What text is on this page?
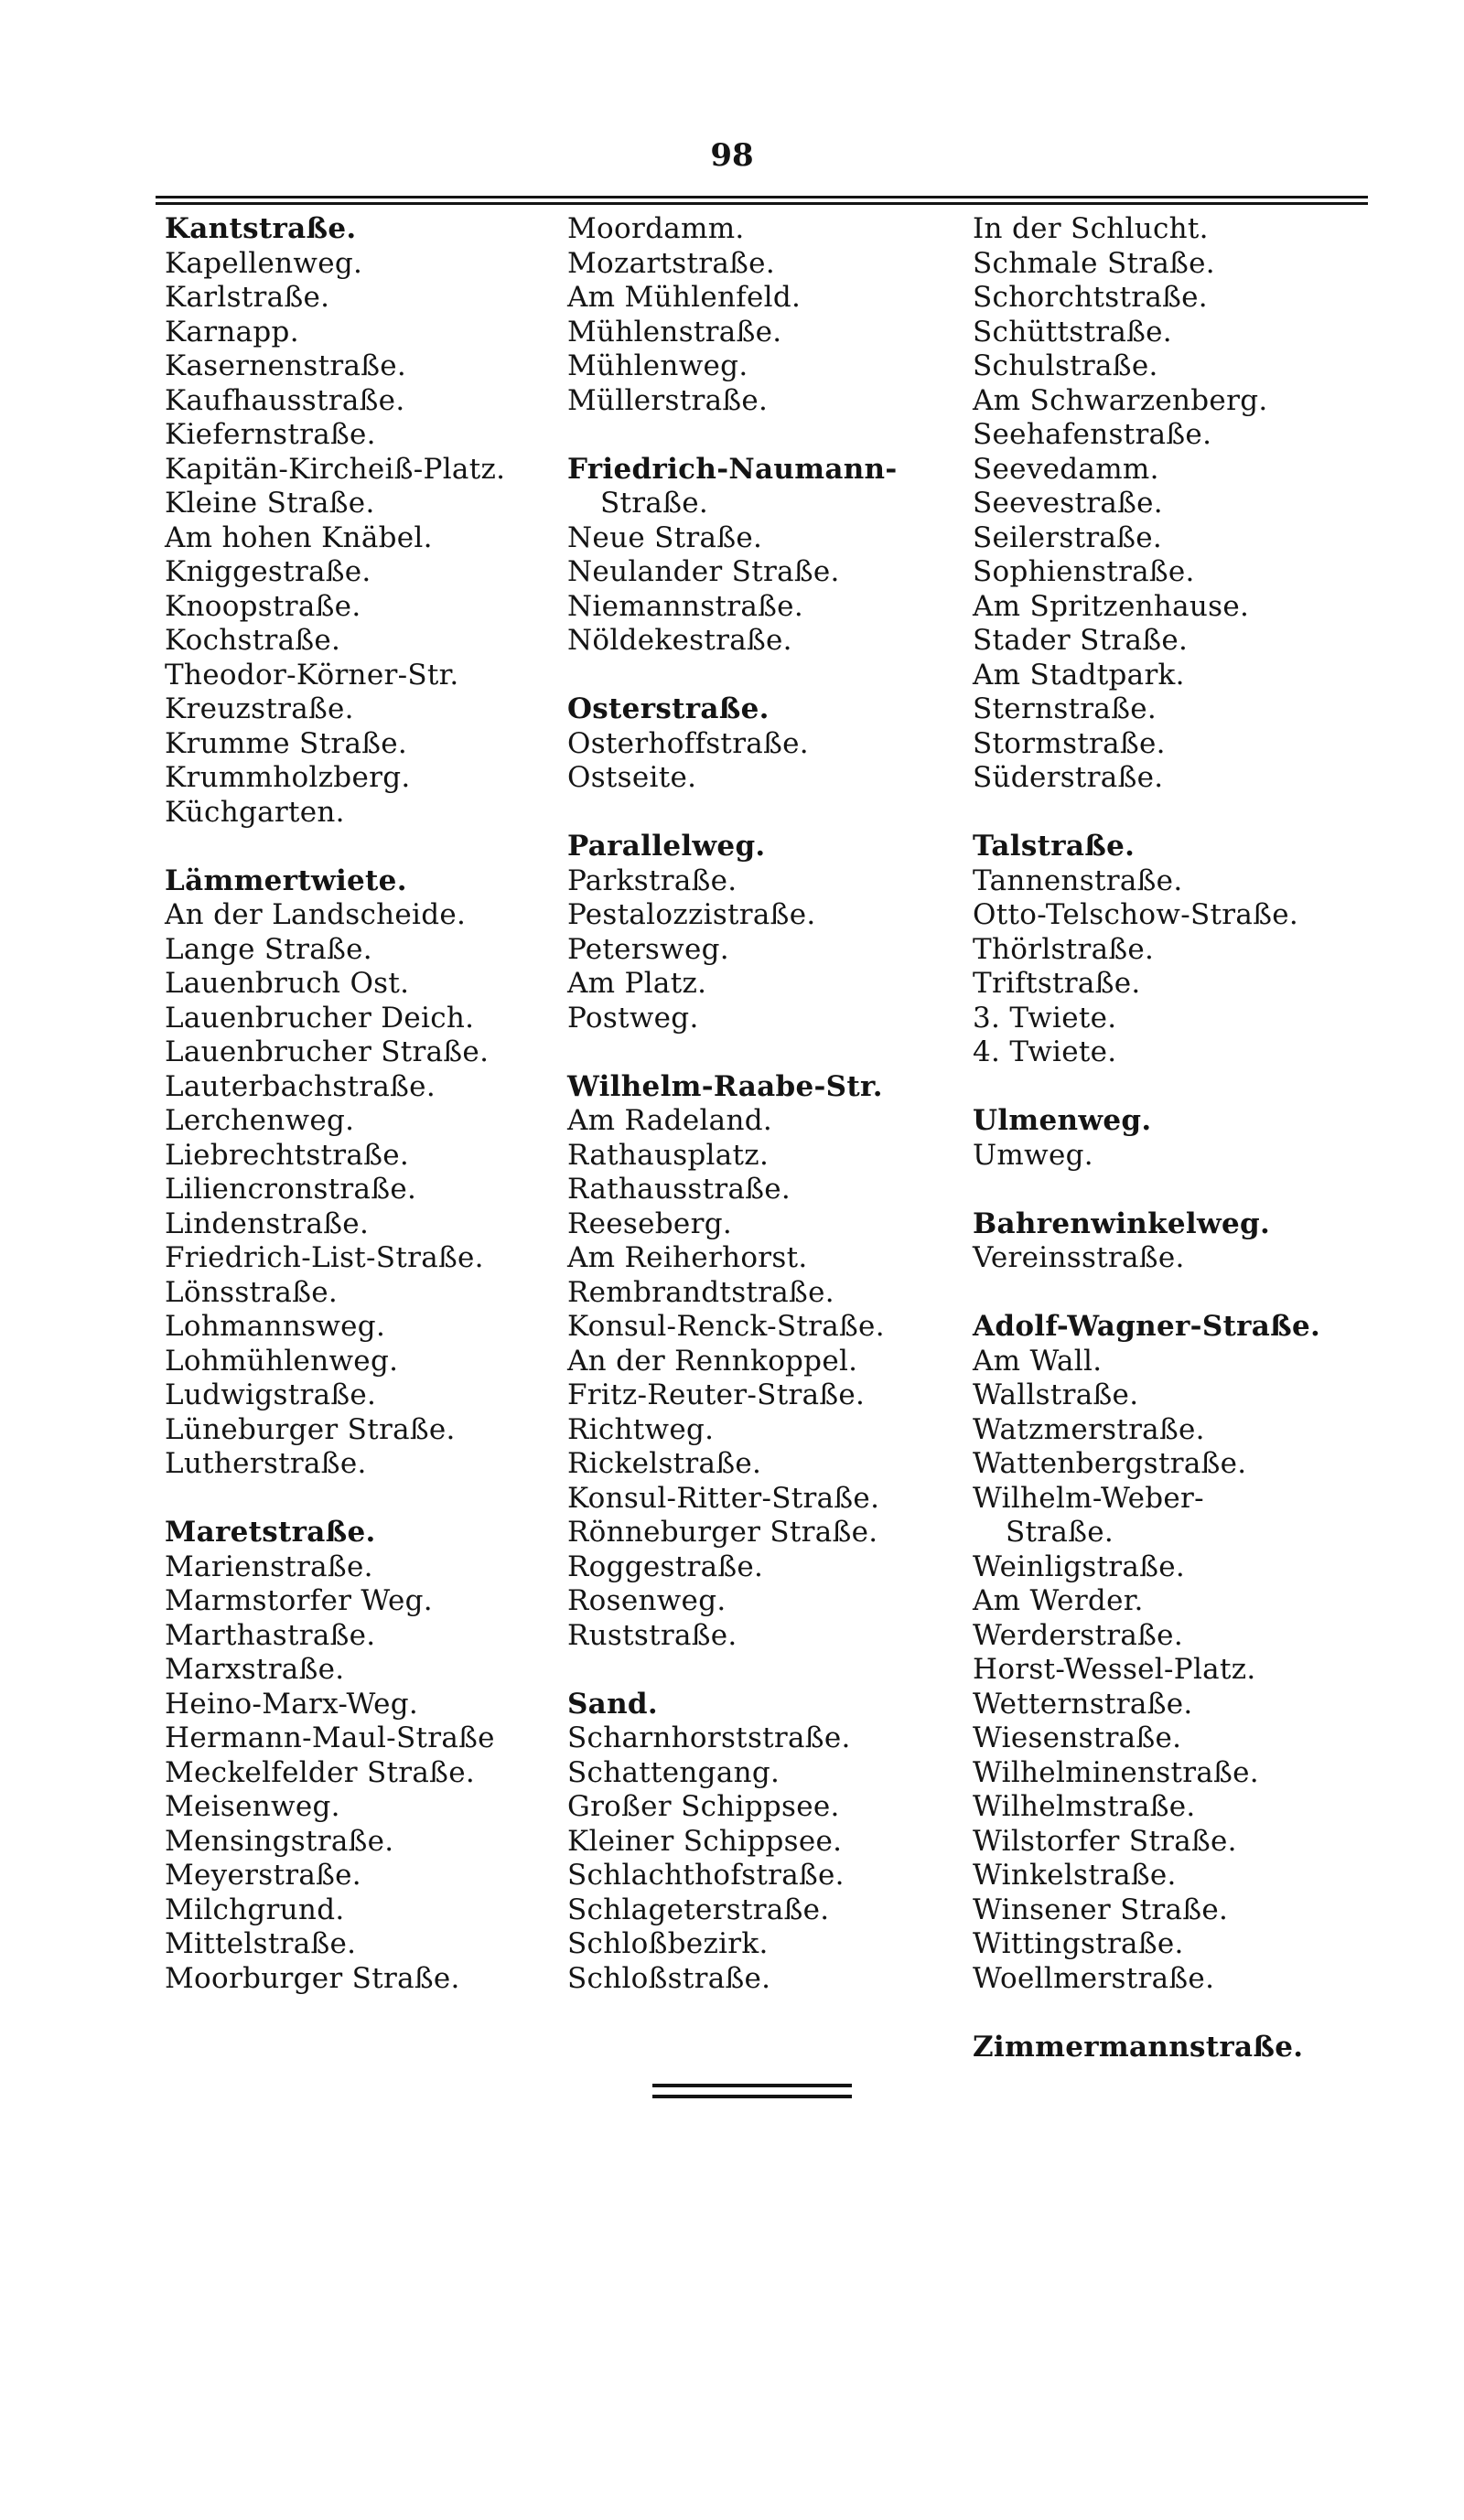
98
Kantstraße.
Kapellenweg.
Karlstraße.
Karnapp.
Kasernenstraße.
Kaufhausstraße.
Kiefernstraße.
Kapitän-Kircheiß-Platz.
Kleine Straße.
Am hohen Knäbel.
Kniggestraße.
Knoopstraße.
Kochstraße.
Theodor-Körner-Str.
Kreuzstraße.
Krumme Straße.
Krummholzberg.
Küchgarten.
Lämmertwiete.
An der Landscheide.
Lange Straße.
Lauenbruch Ost.
Lauenbrucher Deich.
Lauenbrucher Straße.
Lauterbachstraße.
Lerchenweg.
Liebrechtstraße.
Liliencronstraße.
Lindenstraße.
Friedrich-List-Straße.
Lönsstraße.
Lohmannsweg.
Lohmühlenweg.
Ludwigstraße.
Lüneburger Straße.
Lutherstraße.
Maretstraße.
Marienstraße.
Marmstorfer Weg.
Marthastraße.
Marxstraße.
Heino-Marx-Weg.
Hermann-Maul-Straße
Meckelfelder Straße.
Meisenweg.
Mensingstraße.
Meyerstraße.
Milchgrund.
Mittelstraße.
Moorburger Straße.
Moordamm.
Mozartstraße.
Am Mühlenfeld.
Mühlenstraße.
Mühlenweg.
Müllerstraße.
Friedrich-Naumann-
Straße.
Neue Straße.
Neulander Straße.
Niemannstraße.
Nöldekestraße.
Osterstraße.
Osterhoffstraße.
Ostseite.
Parallelweg.
Parkstraße.
Pestalozzistraße.
Petersweg.
Am Platz.
Postweg.
Wilhelm-Raabe-Str.
Am Radeland.
Rathausplatz.
Rathausstraße.
Reeseberg.
Am Reiherhorst.
Rembrandtstraße.
Konsul-Renck-Straße.
An der Rennkoppel.
Fritz-Reuter-Straße.
Richtweg.
Rickelstraße.
Konsul-Ritter-Straße.
Rönneburger Straße.
Roggestraße.
Rosenweg.
Ruststraße.
Sand.
Scharnhorststraße.
Schattengang.
Großer Schippsee.
Kleiner Schippsee.
Schlachthofstraße.
Schlageterstraße.
Schloßbezirk.
Schloßstraße.
In der Schlucht.
Schmale Straße.
Schorchtstraße.
Schüttstraße.
Schulstraße.
Am Schwarzenberg.
Seehafenstraße.
Seevedamm.
Seevestraße.
Seilerstraße.
Sophienstraße.
Am Spritzenhause.
Stader Straße.
Am Stadtpark.
Sternstraße.
Stormstraße.
Süderstraße.
Talstraße.
Tannenstraße.
Otto-Telschow-Straße.
Thörlstraße.
Triftstraße.
3. Twiete.
4. Twiete.
Ulmenweg.
Umweg.
Bahrenwinkelweg.
Vereinsstraße.
Adolf-Wagner-Straße.
Am Wall.
Wallstraße.
Watzmerstraße.
Wattenbergstraße.
Wilhelm-Weber-
Straße.
Weinligstraße.
Am Werder.
Werderstraße.
Horst-Wessel-Platz.
Wetternstraße.
Wiesenstraße.
Wilhelminenstraße.
Wilhelmstraße.
Wilstorfer Straße.
Winkelstraße.
Winsener Straße.
Wittingstraße.
Woellmerstraße.
Zimmermannstraße.
